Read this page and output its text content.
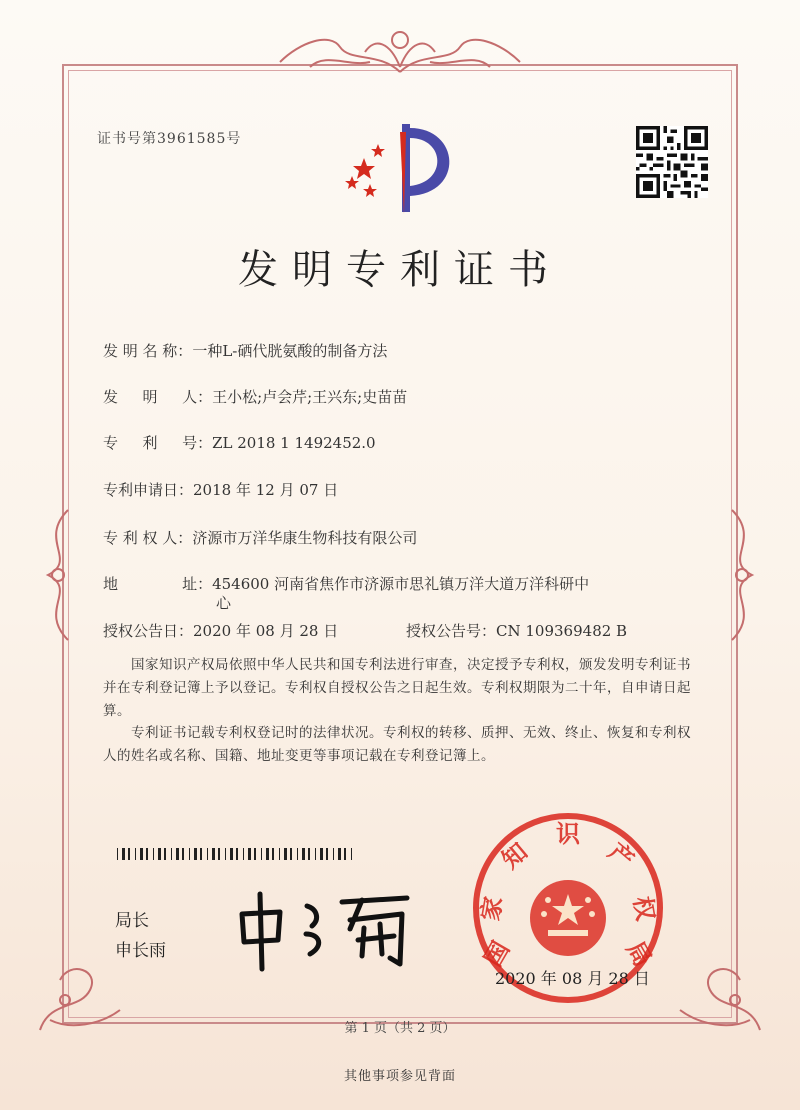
证书号第3961585号
发明专利证书
发 明 名 称：一种L-硒代胱氨酸的制备方法
发 　 明 　 人：王小松;卢会芹;王兴东;史苗苗
专 　 利 　 号：ZL 2018 1 1492452.0
专利申请日：2018 年 12 月 07 日
专 利 权 人：济源市万洋华康生物科技有限公司
地 　 　 　 址：454600 河南省焦作市济源市思礼镇万洋大道万洋科研中
心
授权公告日：2020 年 08 月 28 日	授权公告号：CN 109369482 B
国家知识产权局依照中华人民共和国专利法进行审查，决定授予专利权，颁发发明专利证书并在专利登记簿上予以登记。专利权自授权公告之日起生效。专利权期限为二十年，自申请日起算。
专利证书记载专利权登记时的法律状况。专利权的转移、质押、无效、终止、恢复和专利权人的姓名或名称、国籍、地址变更等事项记载在专利登记簿上。
局长
申长雨	国
家
知
识
产
权
局
2020 年 08 月 28 日
第 1 页（共 2 页）
其他事项参见背面
